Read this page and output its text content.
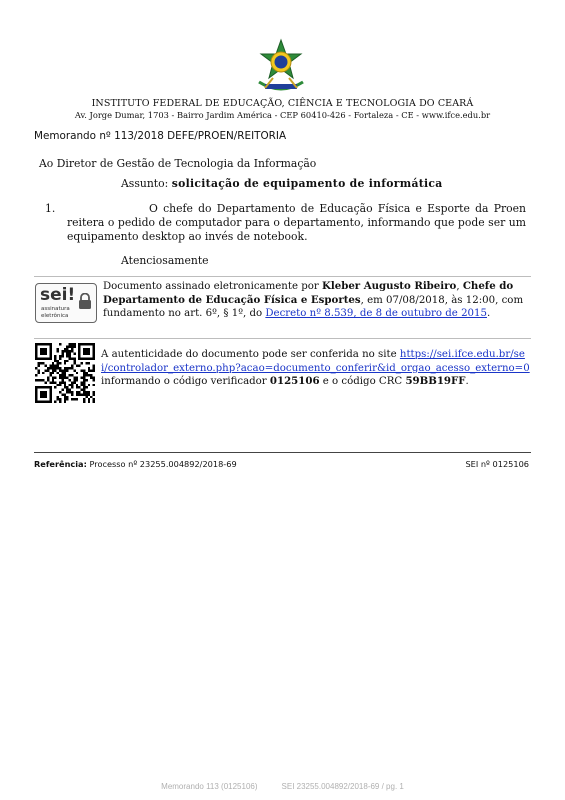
INSTITUTO FEDERAL DE EDUCAÇÃO, CIÊNCIA E TECNOLOGIA DO CEARÁ
Av. Jorge Dumar, 1703 - Bairro Jardim América - CEP 60410-426 - Fortaleza - CE - www.ifce.edu.br
Memorando nº 113/2018 DEFE/PROEN/REITORIA
Ao Diretor de Gestão de Tecnologia da Informação
Assunto: solicitação de equipamento de informática
1.	O chefe do Departamento de Educação Física e Esporte da Proen reitera o pedido de computador para o departamento, informando que pode ser um equipamento desktop ao invés de notebook.
Atenciosamente
sei!
assinatura
eletrônica
Documento assinado eletronicamente por Kleber Augusto Ribeiro, Chefe do Departamento de Educação Física e Esportes, em 07/08/2018, às 12:00, com fundamento no art. 6º, § 1º, do Decreto nº 8.539, de 8 de outubro de 2015.
A autenticidade do documento pode ser conferida no site https://sei.ifce.edu.br/sei/controlador_externo.php?acao=documento_conferir&id_orgao_acesso_externo=0 informando o código verificador 0125106 e o código CRC 59BB19FF.
Referência: Processo nº 23255.004892/2018-69	SEI nº 0125106
Memorando 113 (0125106)	SEI 23255.004892/2018-69 / pg. 1
